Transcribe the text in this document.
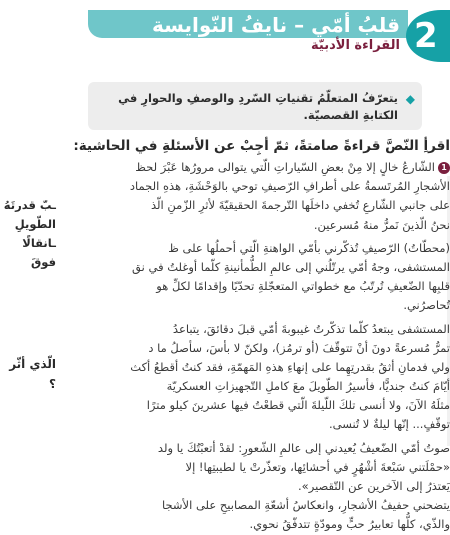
2
قلبُ أمّي – نايفُ النّوايسة
القراءة الأدبيّة
◆
يتعرّفُ المتعلّمُ تقنياتِ السّردِ والوصفِ والحوارِ في الكتابةِ القصصيّة.
اقرأِ النّصَّ قراءةً صامتةً، ثمّ أجِبْ عن الأسئلةِ في الحاشية:
1الشّارعُ خالٍ إلا مِنْ بعضِ السّياراتِ الّتي يتوالى مرورُها عَبْرَ لحظ
الأشجارِ المُرتَسمةُ على أطرافِ الرّصيفِ توحي بالوَحْشَةِ، هذهِ الجماد
على جانبي الشّارعِ تُخفي داخلَها التّرجمةَ الحقيقيّةَ لأثرِ الزّمنِ الّذ
نحنُ الّذينَ نَمرُّ منهُ مُسرعين.
(محطّاتُ) الرّصيفِ تُذكّرني بأمّي الواهنةِ الّتي أحملُها على ظ
المستشفى، وجهُ أمّي يرتّلُني إلى عالمِ الطُّمأنينةِ كلّما أوغلتُ في نق
قلبِها الضّعيفِ تُرتّبُ مع خطواتي المتعجّلةِ تحدّيًا وإقدامًا لكلِّ هو
تُحاصرُني.
المستشفى يبتعدُ كلّما تذكّرتُ غيبوبةَ أمّي قبلَ دقائقَ، يتباعدُ
تمرُّ مُسرعةً دونَ أنْ تتوقّفَ (أو ترمُز)، ولكنّ لا بأسَ، سأصلُ ما د
ولي فدمانِ أثقُ بقدرتِهِما على إنهاءِ هذهِ المَهمّةِ، فقد كنتُ أقطعُ أكث
أيّامَ كنتُ جنديًّا، فأسيرُ الطّويلَ معَ كاملِ التّجهيزاتِ العسكريّة
مثلَهُ الآنَ، ولا أنسى تلكَ اللّيلةَ الّتي قطعْتُ فيها عشرينَ كيلو مترًا
توقّفٍ... إنّها ليلةٌ لا تُنسى.
صوتُ أمّي الضّعيفُ يُعيدني إلى عالمِ الشّعورِ: لقدْ أتعبْتُكَ يا ولد
«حمْلَتني سَبْعةَ أشْهُرٍ في أحشائِها، وتعذّرتْ يا لطيبتِها! إلا
يَعتذرُ إلى الآخرين عن التّقصير».
يتضحني حفيفُ الأشجارِ، وانعكاسُ أشعّةِ المصابيحِ على الأشجا
والذّي، كلُّها تعابيرُ حبٍّ ومودّةٍ تتدفّقُ نحوي.
ـبّ قدرتَهُ
الطّويلِ
ـانقالًا فوقَ
الّذي أثّر
؟
